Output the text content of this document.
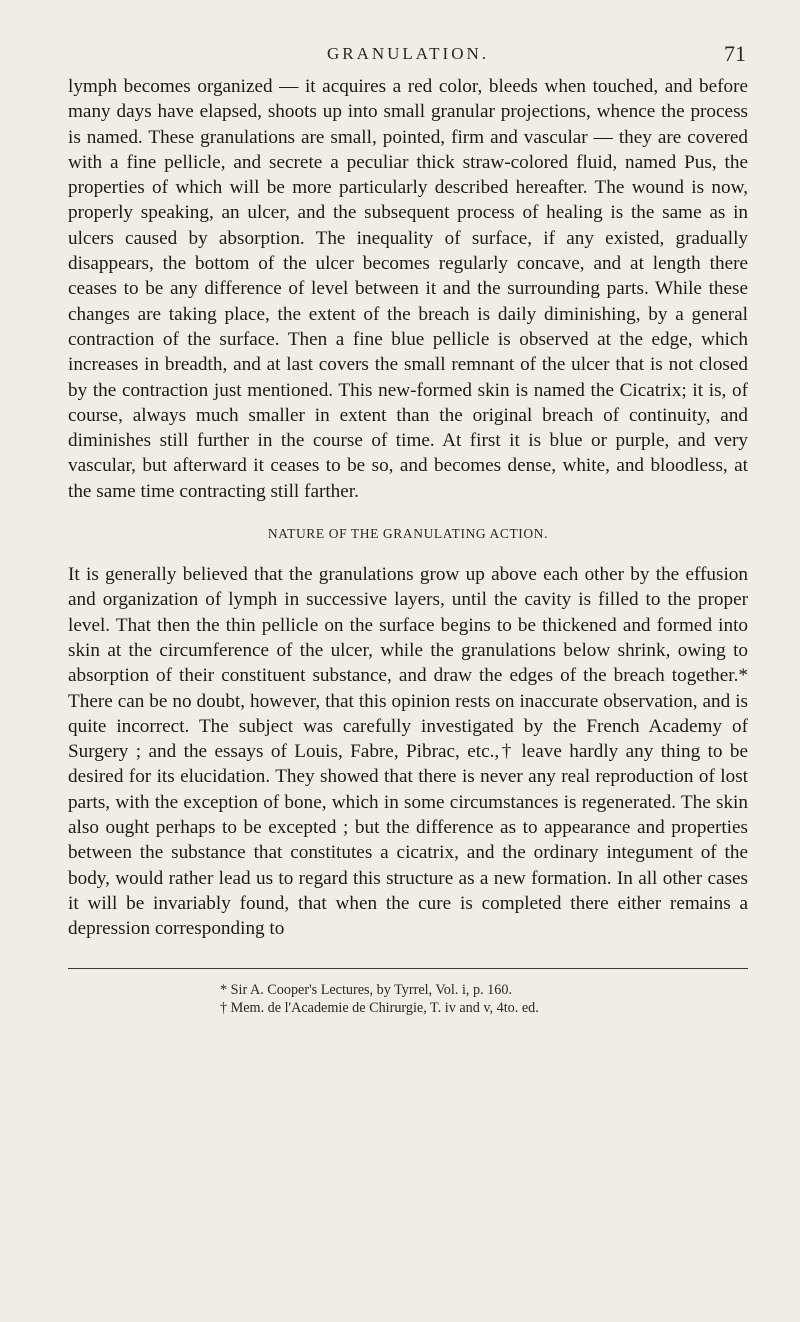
GRANULATION.	71

lymph becomes organized — it acquires a red color, bleeds when touched, and before many days have elapsed, shoots up into small granular projections, whence the process is named. These granulations are small, pointed, firm and vascular — they are covered with a fine pellicle, and secrete a peculiar thick straw-colored fluid, named Pus, the properties of which will be more particularly described hereafter. The wound is now, properly speaking, an ulcer, and the subsequent process of healing is the same as in ulcers caused by absorption. The inequality of surface, if any existed, gradually disappears, the bottom of the ulcer becomes regularly concave, and at length there ceases to be any difference of level between it and the surrounding parts. While these changes are taking place, the extent of the breach is daily diminishing, by a general contraction of the surface. Then a fine blue pellicle is observed at the edge, which increases in breadth, and at last covers the small remnant of the ulcer that is not closed by the contraction just mentioned. This new-formed skin is named the Cicatrix; it is, of course, always much smaller in extent than the original breach of continuity, and diminishes still further in the course of time. At first it is blue or purple, and very vascular, but afterward it ceases to be so, and becomes dense, white, and bloodless, at the same time contracting still farther.

NATURE OF THE GRANULATING ACTION.

It is generally believed that the granulations grow up above each other by the effusion and organization of lymph in successive layers, until the cavity is filled to the proper level. That then the thin pellicle on the surface begins to be thickened and formed into skin at the circumference of the ulcer, while the granulations below shrink, owing to absorption of their constituent substance, and draw the edges of the breach together.* There can be no doubt, however, that this opinion rests on inaccurate observation, and is quite incorrect. The subject was carefully investigated by the French Academy of Surgery ; and the essays of Louis, Fabre, Pibrac, etc.,† leave hardly any thing to be desired for its elucidation. They showed that there is never any real reproduction of lost parts, with the exception of bone, which in some circumstances is regenerated. The skin also ought perhaps to be excepted ; but the difference as to appearance and properties between the substance that constitutes a cicatrix, and the ordinary integument of the body, would rather lead us to regard this structure as a new formation. In all other cases it will be invariably found, that when the cure is completed there either remains a depression corresponding to

* Sir A. Cooper's Lectures, by Tyrrel, Vol. i, p. 160.
† Mem. de l'Academie de Chirurgie, T. iv and v, 4to. ed.
